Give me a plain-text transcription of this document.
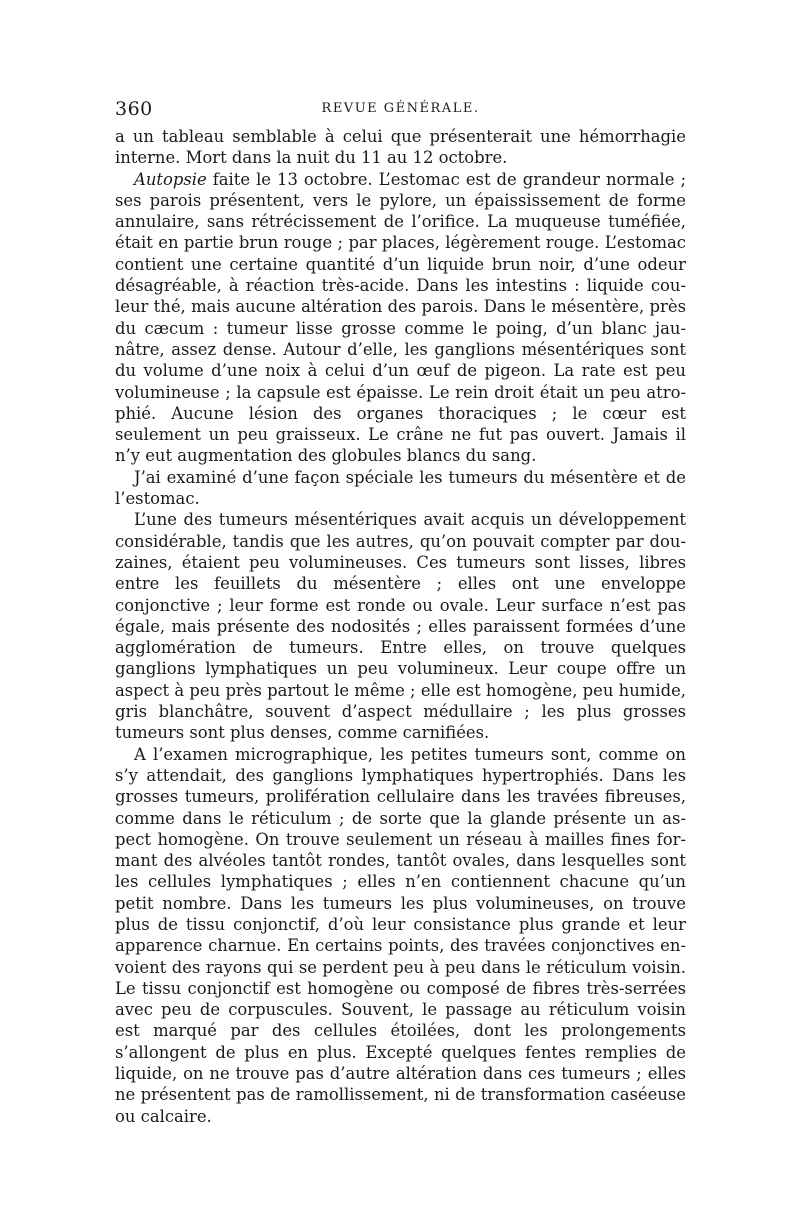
360	REVUE GÉNÉRALE.

a un tableau semblable à celui que présenterait une hémorrhagie interne. Mort dans la nuit du 11 au 12 octobre.

Autopsie faite le 13 octobre. L’estomac est de grandeur normale ; ses parois présentent, vers le pylore, un épaississement de forme annulaire, sans rétrécissement de l’orifice. La muqueuse tuméfiée, était en partie brun rouge ; par places, légèrement rouge. L’estomac contient une certaine quantité d’un liquide brun noir, d’une odeur désagréable, à réaction très-acide. Dans les intestins : liquide couleur thé, mais aucune altération des parois. Dans le mésentère, près du cæcum : tumeur lisse grosse comme le poing, d’un blanc jaunâtre, assez dense. Autour d’elle, les ganglions mésentériques sont du volume d’une noix à celui d’un œuf de pigeon. La rate est peu volumineuse ; la capsule est épaisse. Le rein droit était un peu atrophié. Aucune lésion des organes thoraciques ; le cœur est seulement un peu graisseux. Le crâne ne fut pas ouvert. Jamais il n’y eut augmentation des globules blancs du sang.

J’ai examiné d’une façon spéciale les tumeurs du mésentère et de l’estomac.

L’une des tumeurs mésentériques avait acquis un développement considérable, tandis que les autres, qu’on pouvait compter par douzaines, étaient peu volumineuses. Ces tumeurs sont lisses, libres entre les feuillets du mésentère ; elles ont une enveloppe conjonctive ; leur forme est ronde ou ovale. Leur surface n’est pas égale, mais présente des nodosités ; elles paraissent formées d’une agglomération de tumeurs. Entre elles, on trouve quelques ganglions lymphatiques un peu volumineux. Leur coupe offre un aspect à peu près partout le même ; elle est homogène, peu humide, gris blanchâtre, souvent d’aspect médullaire ; les plus grosses tumeurs sont plus denses, comme carnifiées.

A l’examen micrographique, les petites tumeurs sont, comme on s’y attendait, des ganglions lymphatiques hypertrophiés. Dans les grosses tumeurs, prolifération cellulaire dans les travées fibreuses, comme dans le réticulum ; de sorte que la glande présente un aspect homogène. On trouve seulement un réseau à mailles fines formant des alvéoles tantôt rondes, tantôt ovales, dans lesquelles sont les cellules lymphatiques ; elles n’en contiennent chacune qu’un petit nombre. Dans les tumeurs les plus volumineuses, on trouve plus de tissu conjonctif, d’où leur consistance plus grande et leur apparence charnue. En certains points, des travées conjonctives envoient des rayons qui se perdent peu à peu dans le réticulum voisin. Le tissu conjonctif est homogène ou composé de fibres très-serrées avec peu de corpuscules. Souvent, le passage au réticulum voisin est marqué par des cellules étoilées, dont les prolongements s’allongent de plus en plus. Excepté quelques fentes remplies de liquide, on ne trouve pas d’autre altération dans ces tumeurs ; elles ne présentent pas de ramollissement, ni de transformation caséeuse ou calcaire.
